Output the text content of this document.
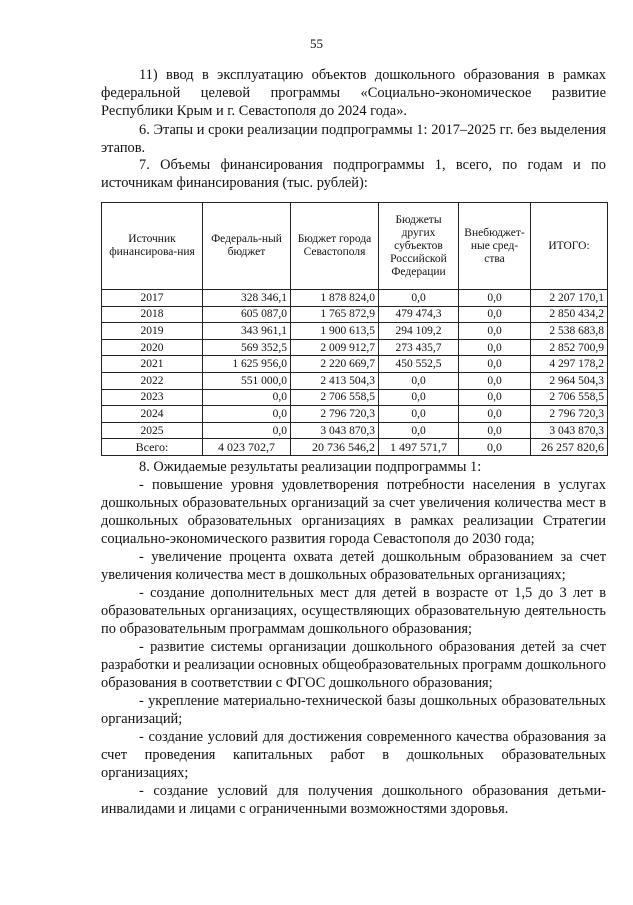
55

11) ввод в эксплуатацию объектов дошкольного образования в рамках федеральной целевой программы «Социально-экономическое развитие Республики Крым и г. Севастополя до 2024 года».

6. Этапы и сроки реализации подпрограммы 1: 2017–2025 гг. без выделения этапов.

7. Объемы финансирования подпрограммы 1, всего, по годам и по источникам финансирования (тыс. рублей):

Источник финансирова-ния	Федераль-ный бюджет	Бюджет города Севастополя	Бюджеты других субъектов Российской Федерации	Внебюджет-ные сред-ства	ИТОГО:
2017	328 346,1	1 878 824,0	0,0	0,0	2 207 170,1
2018	605 087,0	1 765 872,9	479 474,3	0,0	2 850 434,2
2019	343 961,1	1 900 613,5	294 109,2	0,0	2 538 683,8
2020	569 352,5	2 009 912,7	273 435,7	0,0	2 852 700,9
2021	1 625 956,0	2 220 669,7	450 552,5	0,0	4 297 178,2
2022	551 000,0	2 413 504,3	0,0	0,0	2 964 504,3
2023	0,0	2 706 558,5	0,0	0,0	2 706 558,5
2024	0,0	2 796 720,3	0,0	0,0	2 796 720,3
2025	0,0	3 043 870,3	0,0	0,0	3 043 870,3
Всего:	4 023 702,7	20 736 546,2	1 497 571,7	0,0	26 257 820,6

8. Ожидаемые результаты реализации подпрограммы 1:

- повышение уровня удовлетворения потребности населения в услугах дошкольных образовательных организаций за счет увеличения количества мест в дошкольных образовательных организациях в рамках реализации Стратегии социально-экономического развития города Севастополя до 2030 года;
- увеличение процента охвата детей дошкольным образованием за счет увеличения количества мест в дошкольных образовательных организациях;
- создание дополнительных мест для детей в возрасте от 1,5 до 3 лет в образовательных организациях, осуществляющих образовательную деятельность по образовательным программам дошкольного образования;
- развитие системы организации дошкольного образования детей за счет разработки и реализации основных общеобразовательных программ дошкольного образования в соответствии с ФГОС дошкольного образования;
- укрепление материально-технической базы дошкольных образовательных организаций;
- создание условий для достижения современного качества образования за счет проведения капитальных работ в дошкольных образовательных организациях;
- создание условий для получения дошкольного образования детьми-инвалидами и лицами с ограниченными возможностями здоровья.
